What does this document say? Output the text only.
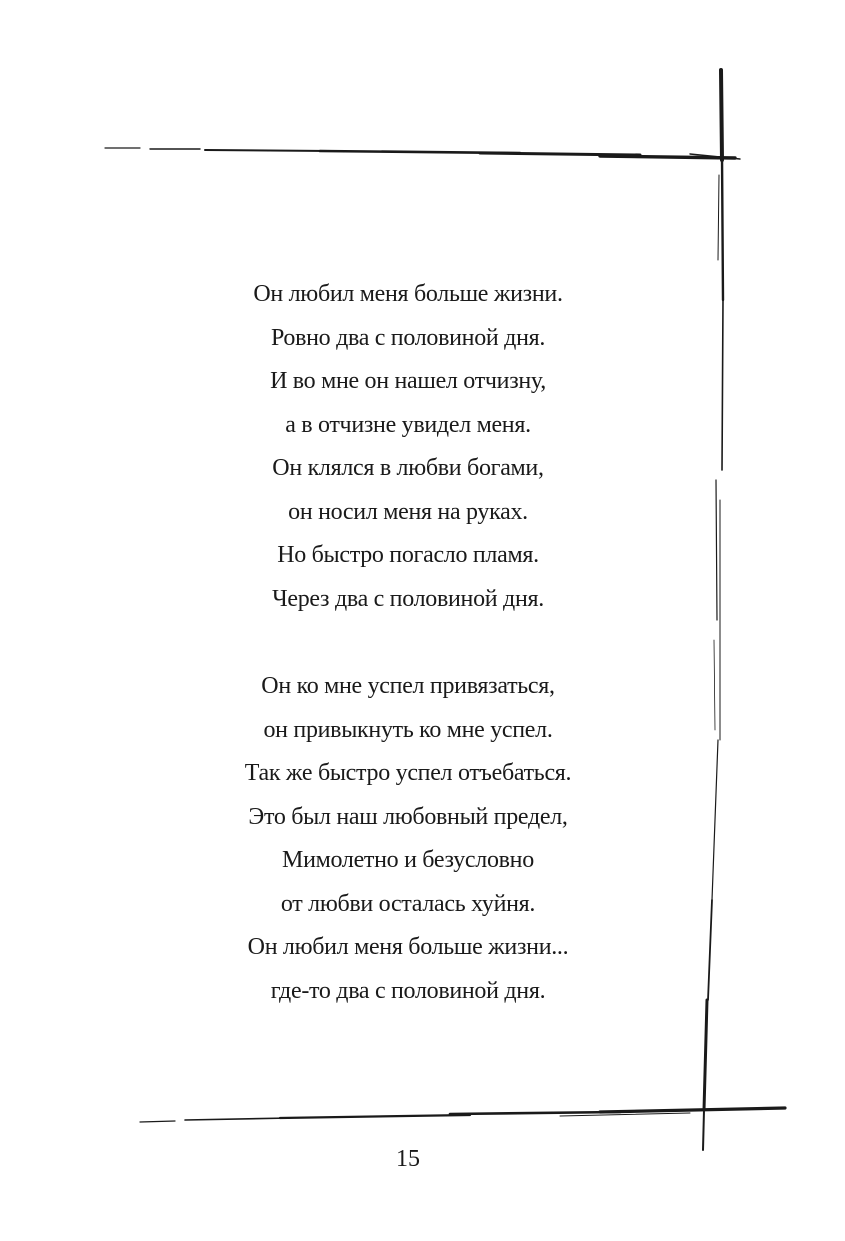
Он любил меня больше жизни.
Ровно два с половиной дня.
И во мне он нашел отчизну,
а в отчизне увидел меня.
Он клялся в любви богами,
он носил меня на руках.
Но быстро погасло пламя.
Через два с половиной дня.
Он ко мне успел привязаться,
он привыкнуть ко мне успел.
Так же быстро успел отъебаться.
Это был наш любовный предел,
Мимолетно и безусловно
от любви осталась хуйня.
Он любил меня больше жизни...
где-то два с половиной дня.
15
